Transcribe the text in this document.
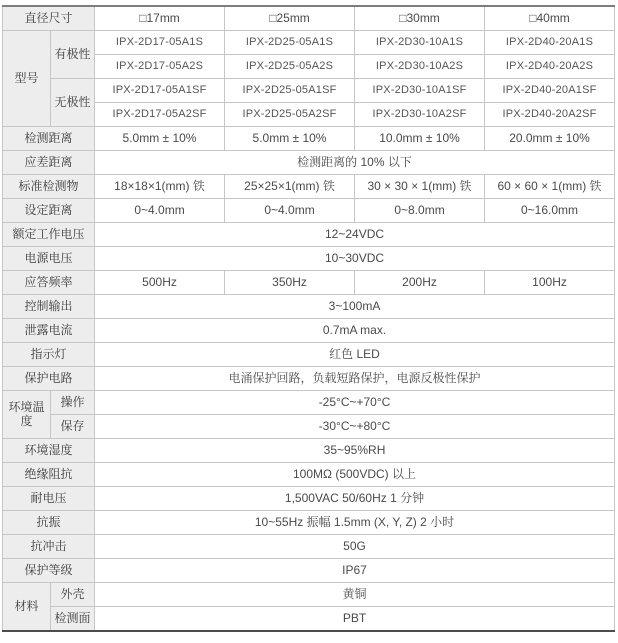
直径尺寸		□17mm	□25mm	□30mm	□40mm
型号	有极性	IPX-2D17-05A1S	IPX-2D25-05A1S	IPX-2D30-10A1S	IPX-2D40-20A1S
		IPX-2D17-05A2S	IPX-2D25-05A2S	IPX-2D30-10A2S	IPX-2D40-20A2S
	无极性	IPX-2D17-05A1SF	IPX-2D25-05A1SF	IPX-2D30-10A1SF	IPX-2D40-20A1SF
		IPX-2D17-05A2SF	IPX-2D25-05A2SF	IPX-2D30-10A2SF	IPX-2D40-20A2SF
检测距离		5.0mm ± 10%	5.0mm ± 10%	10.0mm ± 10%	20.0mm ± 10%
应差距离		检测距离的 10% 以下			
标准检测物		18×18×1(mm) 铁	25×25×1(mm) 铁	30 × 30 × 1(mm) 铁	60 × 60 × 1(mm) 铁
设定距离		0~4.0mm	0~4.0mm	0~8.0mm	0~16.0mm
额定工作电压		12~24VDC			
电源电压		10~30VDC			
应答频率		500Hz	350Hz	200Hz	100Hz
控制输出		3~100mA			
泄露电流		0.7mA max.			
指示灯		红色 LED			
保护电路		电涌保护回路，负载短路保护，电源反极性保护			
环境温度	操作	-25°C~+70°C			
	保存	-30°C~+80°C			
环境湿度		35~95%RH			
绝缘阻抗		100MΩ (500VDC) 以上			
耐电压		1,500VAC 50/60Hz 1 分钟			
抗振		10~55Hz 振幅 1.5mm (X, Y, Z) 2 小时			
抗冲击		50G			
保护等级		IP67			
材料	外壳	黄铜			
	检测面	PBT			
